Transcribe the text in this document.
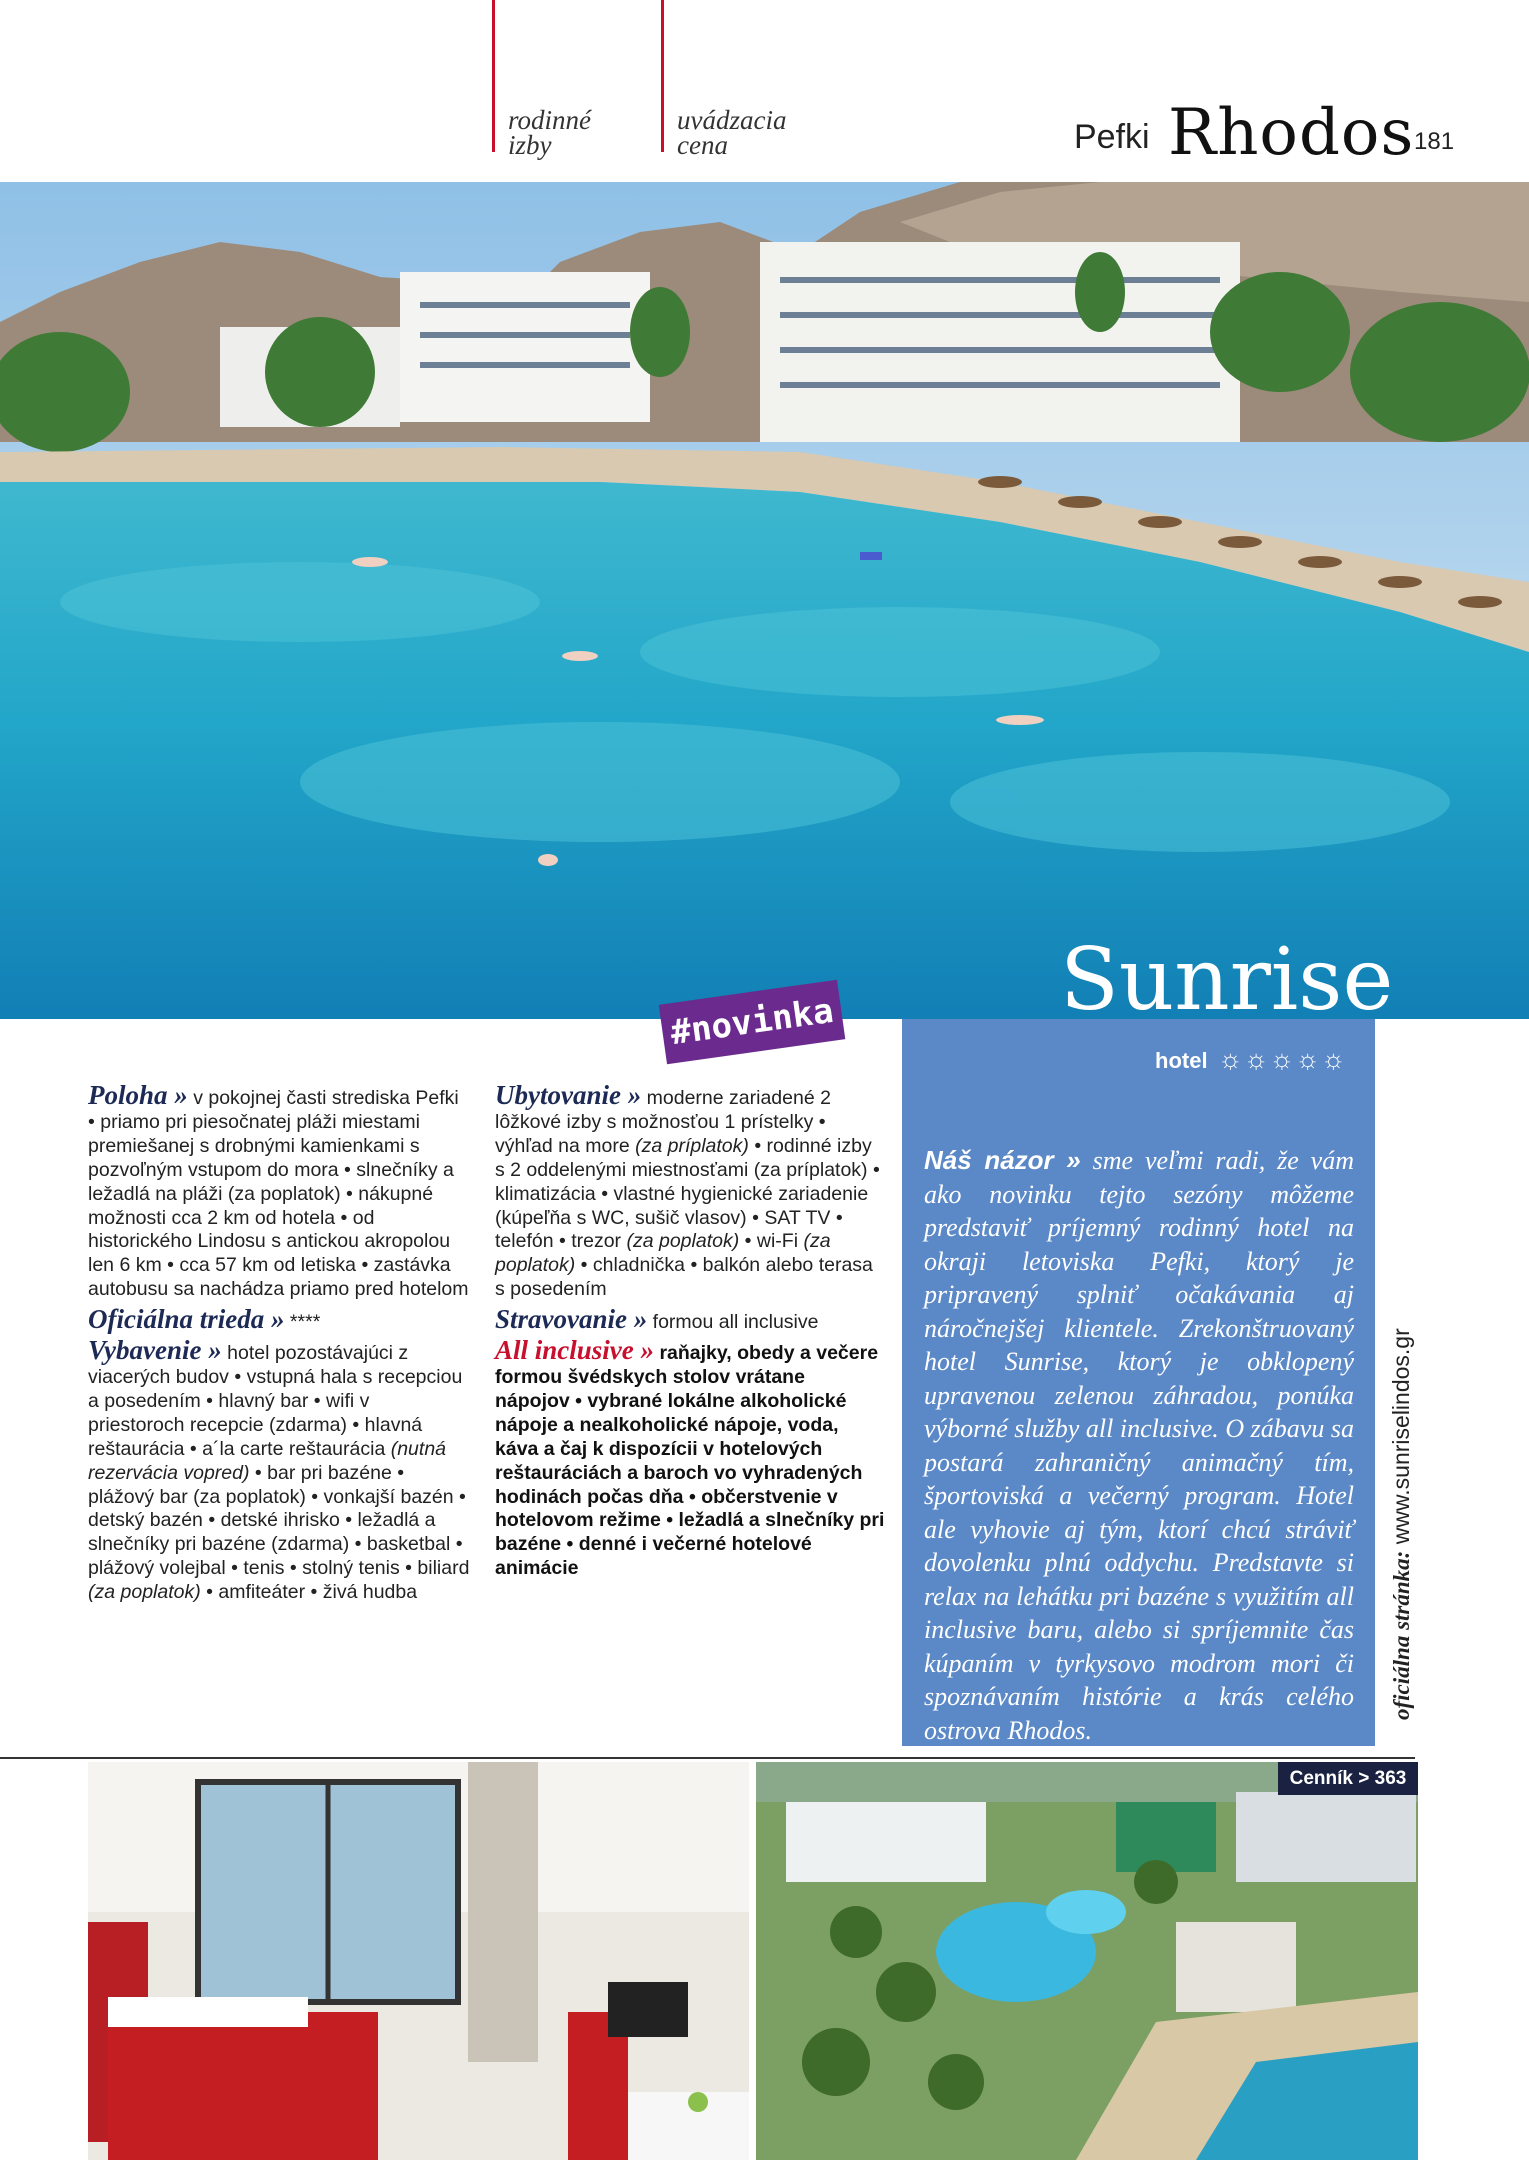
rodinné
izby
uvádzacia
cena	Pefki Rhodos 181
#novinka	Sunrise
hotel ☼☼☼☼☼
Náš názor » sme veľmi radi, že vám ako novinku tejto sezóny môžeme predstaviť príjemný rodinný hotel na okraji letoviska Pefki, ktorý je pripravený splniť očakávania aj náročnejšej klientele. Zrekonštruovaný hotel Sunrise, ktorý je obklopený upravenou zelenou záhradou, ponúka výborné služby all inclusive. O zábavu sa postará zahraničný animačný tím, športoviská a večerný program. Hotel ale vyhovie aj tým, ktorí chcú stráviť dovolenku plnú oddychu. Predstavte si relax na lehátku pri bazéne s využitím all inclusive baru, alebo si spríjemnite čas kúpaním v tyrkysovo modrom mori či spoznávaním histórie a krás celého ostrova Rhodos.
oficiálna stránka: www.sunriselindos.gr
Poloha » v pokojnej časti strediska Pefki • priamo pri piesočnatej pláži miestami premiešanej s drobnými kamienkami s pozvoľným vstupom do mora • slnečníky a ležadlá na pláži (za poplatok) • nákupné možnosti cca 2 km od hotela • od historického Lindosu s antickou akropolou len 6 km • cca 57 km od letiska • zastávka autobusu sa nachádza priamo pred hotelom
Oficiálna trieda » ****
Vybavenie » hotel pozostávajúci z viacerých budov • vstupná hala s recepciou a posedením • hlavný bar • wifi v priestoroch recepcie (zdarma) • hlavná reštaurácia • a´la carte reštaurácia (nutná rezervácia vopred) • bar pri bazéne • plážový bar (za poplatok) • vonkajší bazén • detský bazén • detské ihrisko • ležadlá a slnečníky pri bazéne (zdarma) • basketbal • plážový volejbal • tenis • stolný tenis • biliard (za poplatok) • amfiteáter • živá hudba
Ubytovanie » moderne zariadené 2 lôžkové izby s možnosťou 1 prístelky • výhľad na more (za príplatok) • rodinné izby s 2 oddelenými miestnosťami (za príplatok) • klimatizácia • vlastné hygienické zariadenie (kúpeľňa s WC, sušič vlasov) • SAT TV • telefón • trezor (za poplatok) • wi-Fi (za poplatok) • chladnička • balkón alebo terasa s posedením
Stravovanie » formou all inclusive
All inclusive » raňajky, obedy a večere formou švédskych stolov vrátane nápojov • vybrané lokálne alkoholické nápoje a nealkoholické nápoje, voda, káva a čaj k dispozícii v hotelových reštauráciách a baroch vo vyhradených hodinách počas dňa • občerstvenie v hotelovom režime • ležadlá a slnečníky pri bazéne • denné i večerné hotelové animácie
Cenník > 363
